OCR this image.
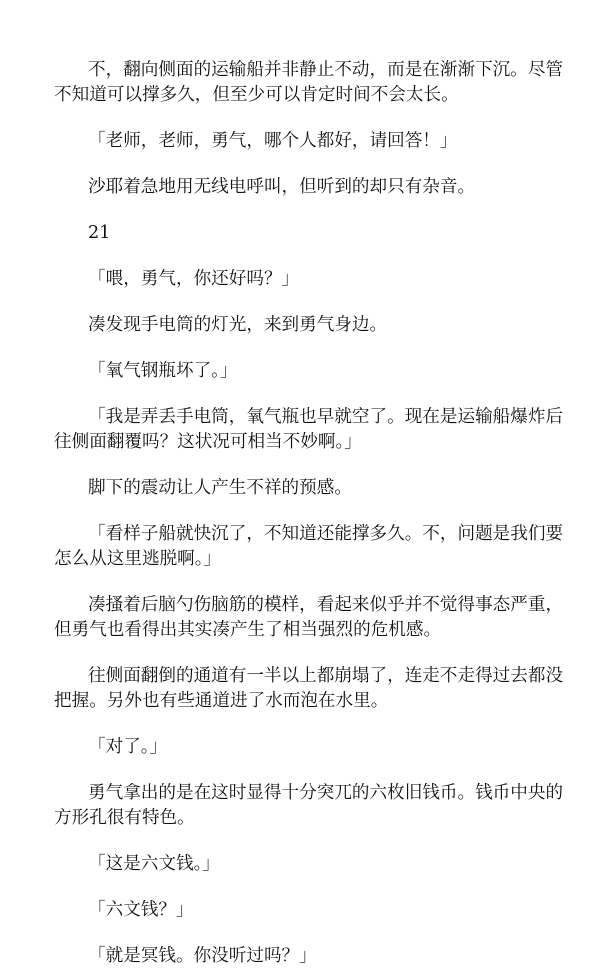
不，翻向侧面的运输船并非静止不动，而是在渐渐下沉。尽管不知道可以撑多久，但至少可以肯定时间不会太长。

「老师，老师，勇气，哪个人都好，请回答！」

沙耶着急地用无线电呼叫，但听到的却只有杂音。

21

「喂，勇气，你还好吗？」

凑发现手电筒的灯光，来到勇气身边。

「氧气钢瓶坏了。」

「我是弄丢手电筒，氧气瓶也早就空了。现在是运输船爆炸后往侧面翻覆吗？这状况可相当不妙啊。」

脚下的震动让人产生不祥的预感。

「看样子船就快沉了，不知道还能撑多久。不，问题是我们要怎么从这里逃脱啊。」

凑搔着后脑勺伤脑筋的模样，看起来似乎并不觉得事态严重，但勇气也看得出其实凑产生了相当强烈的危机感。

往侧面翻倒的通道有一半以上都崩塌了，连走不走得过去都没把握。另外也有些通道进了水而泡在水里。

「对了。」

勇气拿出的是在这时显得十分突兀的六枚旧钱币。钱币中央的方形孔很有特色。

「这是六文钱。」

「六文钱？」

「就是冥钱。你没听过吗？」
